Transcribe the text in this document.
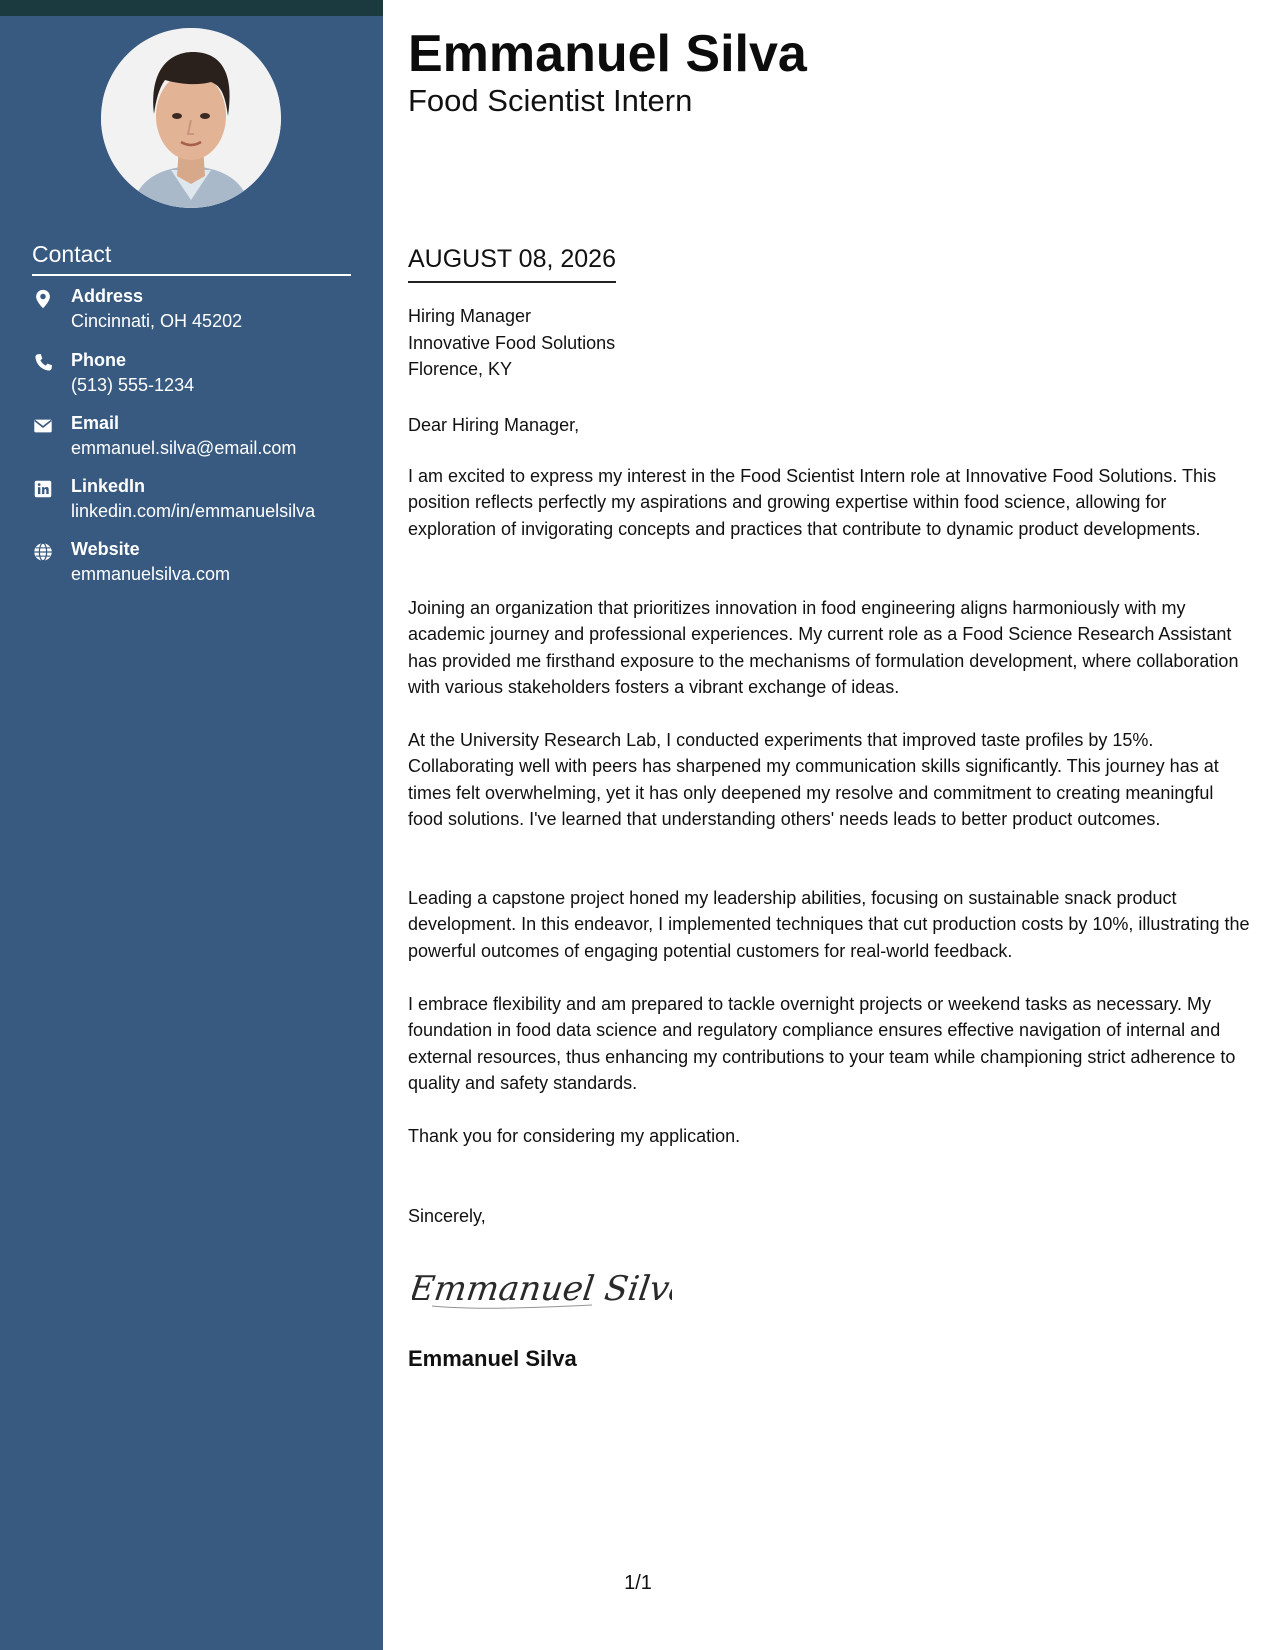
Contact
Address
Cincinnati, OH 45202
Phone
(513) 555-1234
Email
emmanuel.silva@email.com
LinkedIn
linkedin.com/in/emmanuelsilva
Website
emmanuelsilva.com
Emmanuel Silva
Food Scientist Intern
AUGUST 08, 2026
Hiring Manager
Innovative Food Solutions
Florence, KY
Dear Hiring Manager,
I am excited to express my interest in the Food Scientist Intern role at Innovative Food Solutions. This position reflects perfectly my aspirations and growing expertise within food science, allowing for exploration of invigorating concepts and practices that contribute to dynamic product developments.
Joining an organization that prioritizes innovation in food engineering aligns harmoniously with my academic journey and professional experiences. My current role as a Food Science Research Assistant has provided me firsthand exposure to the mechanisms of formulation development, where collaboration with various stakeholders fosters a vibrant exchange of ideas.
At the University Research Lab, I conducted experiments that improved taste profiles by 15%. Collaborating well with peers has sharpened my communication skills significantly. This journey has at times felt overwhelming, yet it has only deepened my resolve and commitment to creating meaningful food solutions. I've learned that understanding others' needs leads to better product outcomes.
Leading a capstone project honed my leadership abilities, focusing on sustainable snack product development. In this endeavor, I implemented techniques that cut production costs by 10%, illustrating the powerful outcomes of engaging potential customers for real-world feedback.
I embrace flexibility and am prepared to tackle overnight projects or weekend tasks as necessary. My foundation in food data science and regulatory compliance ensures effective navigation of internal and external resources, thus enhancing my contributions to your team while championing strict adherence to quality and safety standards.
Thank you for considering my application.
Sincerely,
Emmanuel Silva
Emmanuel Silva
1/1
